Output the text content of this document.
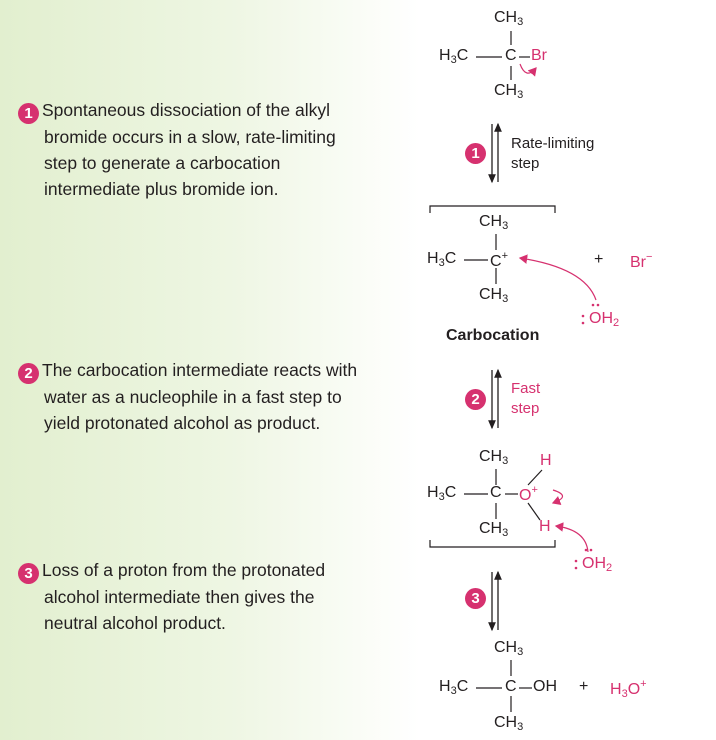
1 Spontaneous dissociation of the alkyl
bromide occurs in a slow, rate-limiting step to generate a carbocation intermediate plus bromide ion.
2 The carbocation intermediate reacts with
water as a nucleophile in a fast step to yield protonated alcohol as product.
3 Loss of a proton from the protonated
alcohol intermediate then gives the neutral alcohol product.
$CH_3$
$H_3C$ C Br
$CH_3$
1
Rate-limiting
step
$CH_3$
$H_3C$ C+
$CH_3$
+ Br−
$OH_2$
Carbocation
2
Fast
step
$CH_3$ H
$H_3C$ C O+
$CH_3$ H
$OH_2$
3
$CH_3$
$H_3C$ C OH
$CH_3$
+ $H_3O^+$
